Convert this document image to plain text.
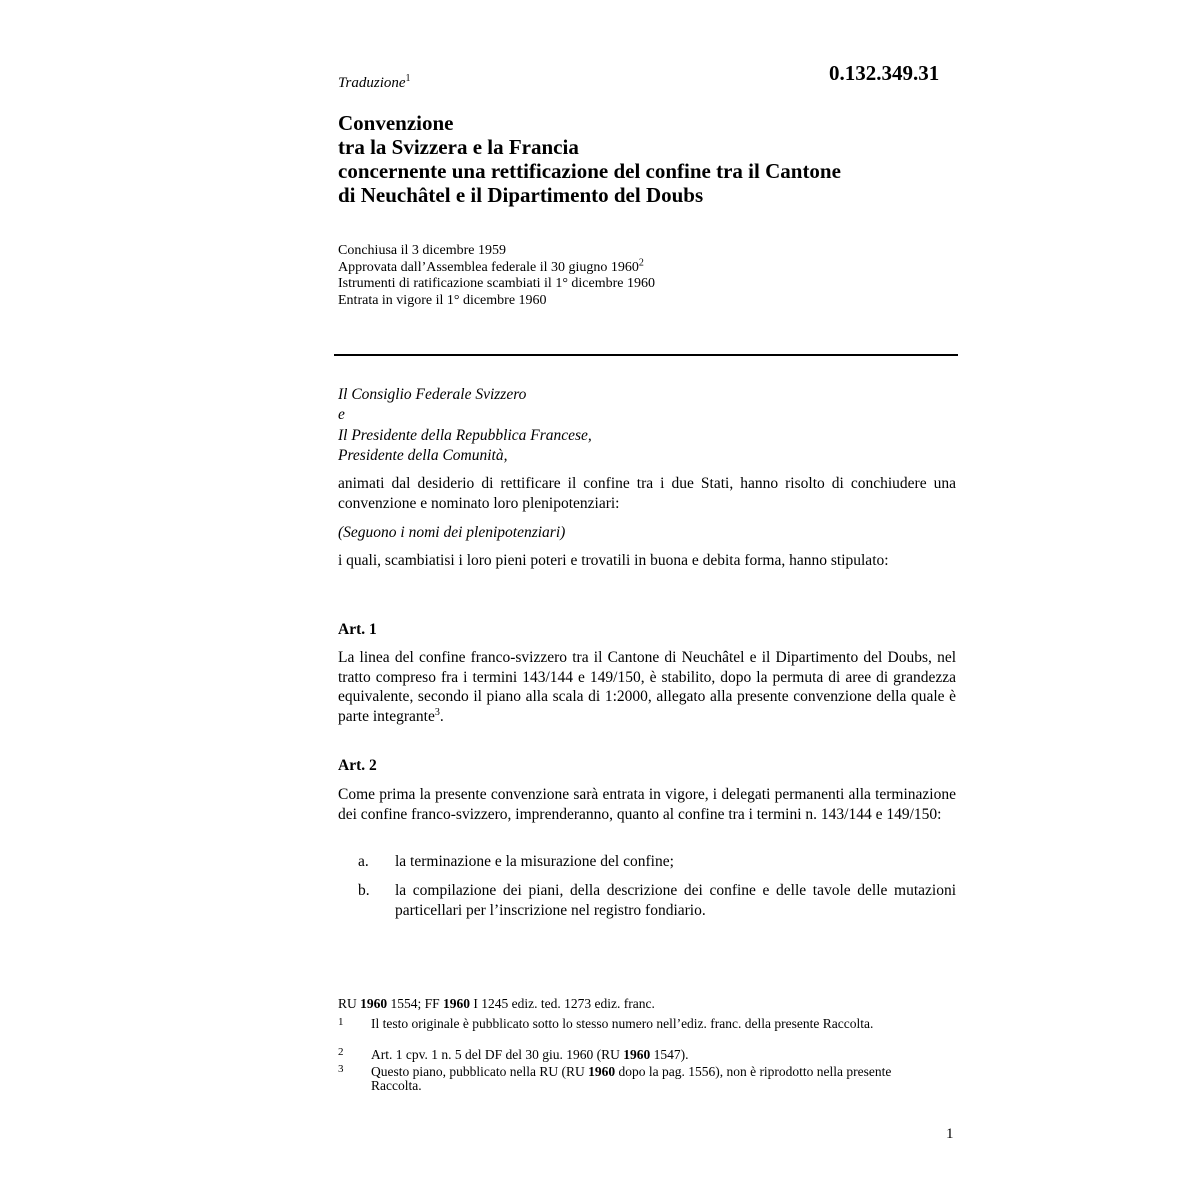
0.132.349.31
Traduzione$^1$
Convenzione
tra la Svizzera e la Francia
concernente una rettificazione del confine tra il Cantone
di Neuchâtel e il Dipartimento del Doubs
Conchiusa il 3 dicembre 1959
Approvata dall’Assemblea federale il 30 giugno 1960$^2$
Istrumenti di ratificazione scambiati il 1° dicembre 1960
Entrata in vigore il 1° dicembre 1960
Il Consiglio Federale Svizzero
e
Il Presidente della Repubblica Francese,
Presidente della Comunità,
animati dal desiderio di rettificare il confine tra i due Stati, hanno risolto di conchiudere una convenzione e nominato loro plenipotenziari:
(Seguono i nomi dei plenipotenziari)
i quali, scambiatisi i loro pieni poteri e trovatili in buona e debita forma, hanno stipulato:
Art. 1
La linea del confine franco-svizzero tra il Cantone di Neuchâtel e il Dipartimento del Doubs, nel tratto compreso fra i termini 143/144 e 149/150, è stabilito, dopo la permuta di aree di grandezza equivalente, secondo il piano alla scala di 1:2000, allegato alla presente convenzione della quale è parte integrante$^3$.
Art. 2
Come prima la presente convenzione sarà entrata in vigore, i delegati permanenti alla terminazione dei confine franco-svizzero, imprenderanno, quanto al confine tra i termini n. 143/144 e 149/150:
a. la terminazione e la misurazione del confine;
b. la compilazione dei piani, della descrizione dei confine e delle tavole delle mutazioni particellari per l’inscrizione nel registro fondiario.
RU 1960 1554; FF 1960 I 1245 ediz. ted. 1273 ediz. franc.
1 Il testo originale è pubblicato sotto lo stesso numero nell’ediz. franc. della presente Raccolta.
2 Art. 1 cpv. 1 n. 5 del DF del 30 giu. 1960 (RU 1960 1547).
3 Questo piano, pubblicato nella RU (RU 1960 dopo la pag. 1556), non è riprodotto nella presente Raccolta.
1
